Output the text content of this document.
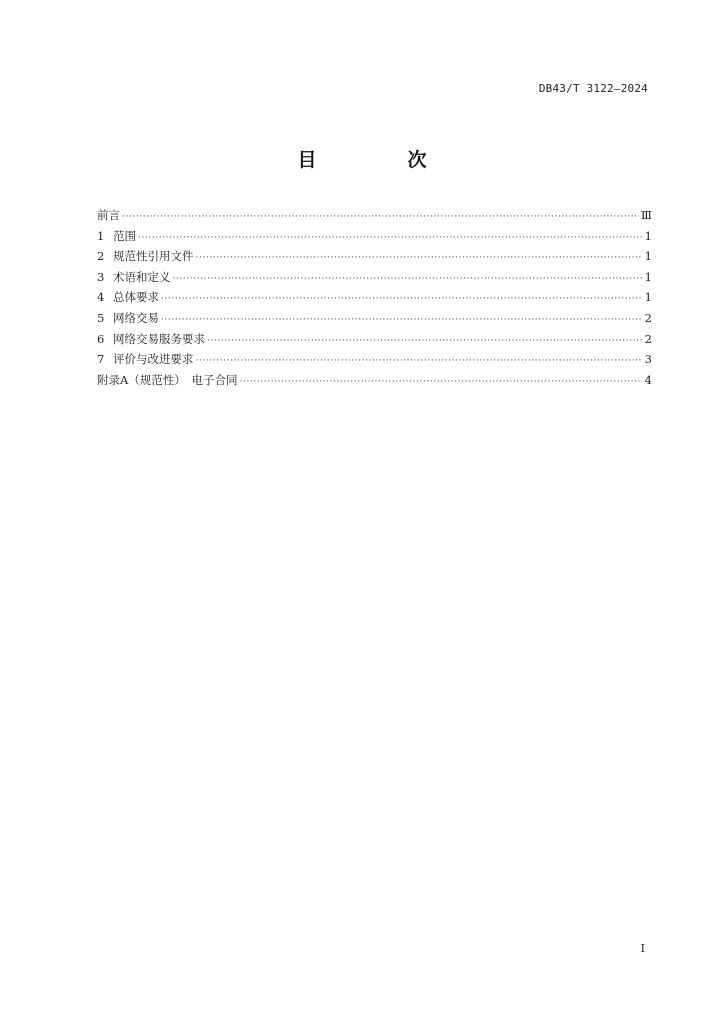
DB43/T 3122—2024
目　次
前言 ·····	Ⅲ
1 范围 ·····	1
2 规范性引用文件 ·····	1
3 术语和定义 ·····	1
4 总体要求 ·····	1
5 网络交易 ·····	2
6 网络交易服务要求 ·····	2
7 评价与改进要求 ·····	3
附录A（规范性）　电子合同 ·····	4
I
